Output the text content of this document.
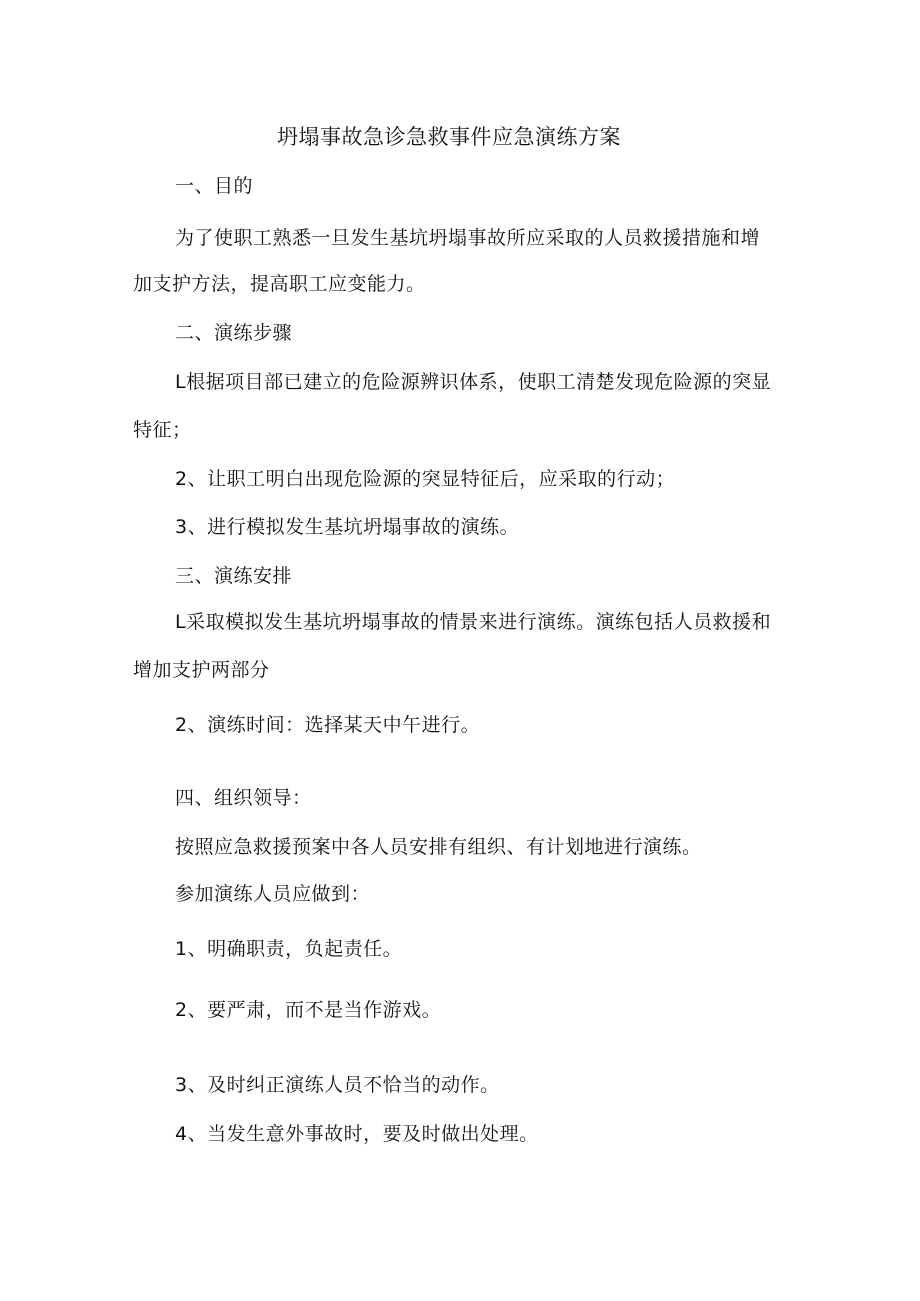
坍塌事故急诊急救事件应急演练方案

一、目的

为了使职工熟悉一旦发生基坑坍塌事故所应采取的人员救援措施和增

加支护方法，提高职工应变能力。

二、演练步骤

L根据项目部已建立的危险源辨识体系，使职工清楚发现危险源的突显

特征；

2、让职工明白出现危险源的突显特征后，应采取的行动；

3、进行模拟发生基坑坍塌事故的演练。

三、演练安排

L采取模拟发生基坑坍塌事故的情景来进行演练。演练包括人员救援和

增加支护两部分

2、演练时间：选择某天中午进行。

四、组织领导：

按照应急救援预案中各人员安排有组织、有计划地进行演练。

参加演练人员应做到：

1、明确职责，负起责任。

2、要严肃，而不是当作游戏。

3、及时纠正演练人员不恰当的动作。

4、当发生意外事故时，要及时做出处理。
